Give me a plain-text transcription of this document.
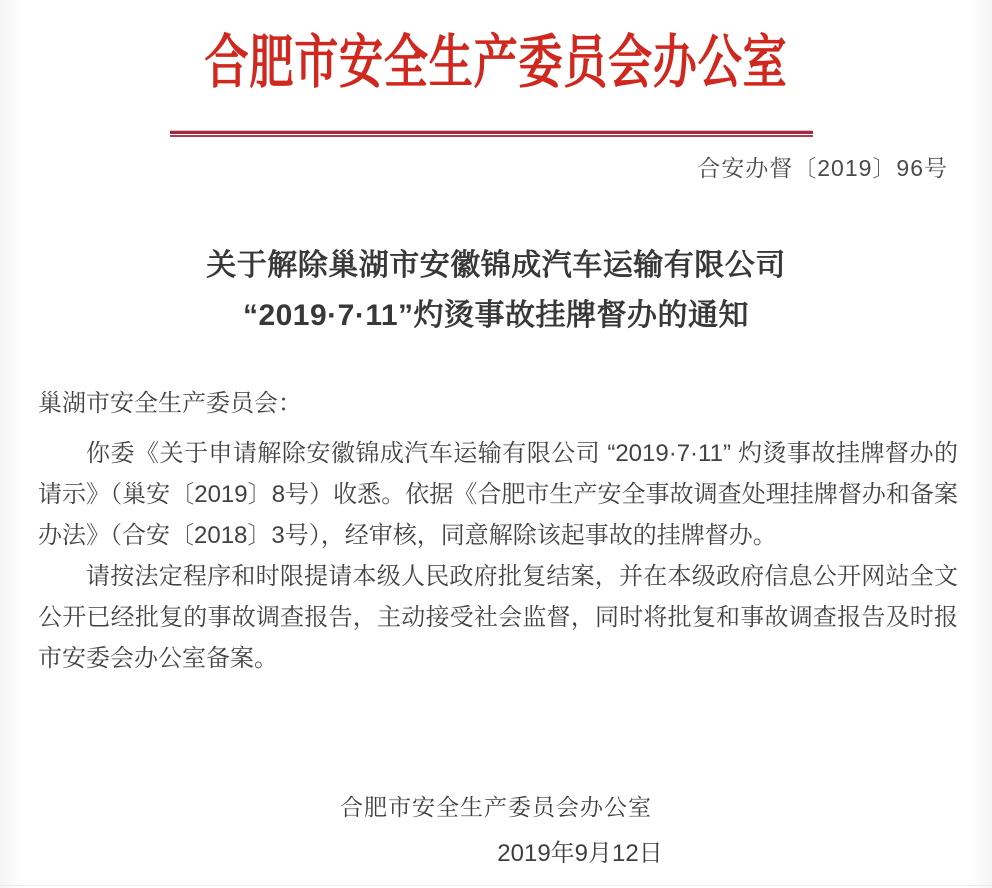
合肥市安全生产委员会办公室
合安办督〔2019〕96号
关于解除巢湖市安徽锦成汽车运输有限公司
“2019·7·11”灼烫事故挂牌督办的通知

巢湖市安全生产委员会：

你委《关于申请解除安徽锦成汽车运输有限公司 “2019·7·11” 灼烫事故挂牌督办的请示》（巢安〔2019〕8号）收悉。依据《合肥市生产安全事故调查处理挂牌督办和备案办法》（合安〔2018〕3号），经审核，同意解除该起事故的挂牌督办。

请按法定程序和时限提请本级人民政府批复结案，并在本级政府信息公开网站全文公开已经批复的事故调查报告，主动接受社会监督，同时将批复和事故调查报告及时报市安委会办公室备案。

合肥市安全生产委员会办公室
2019年9月12日
